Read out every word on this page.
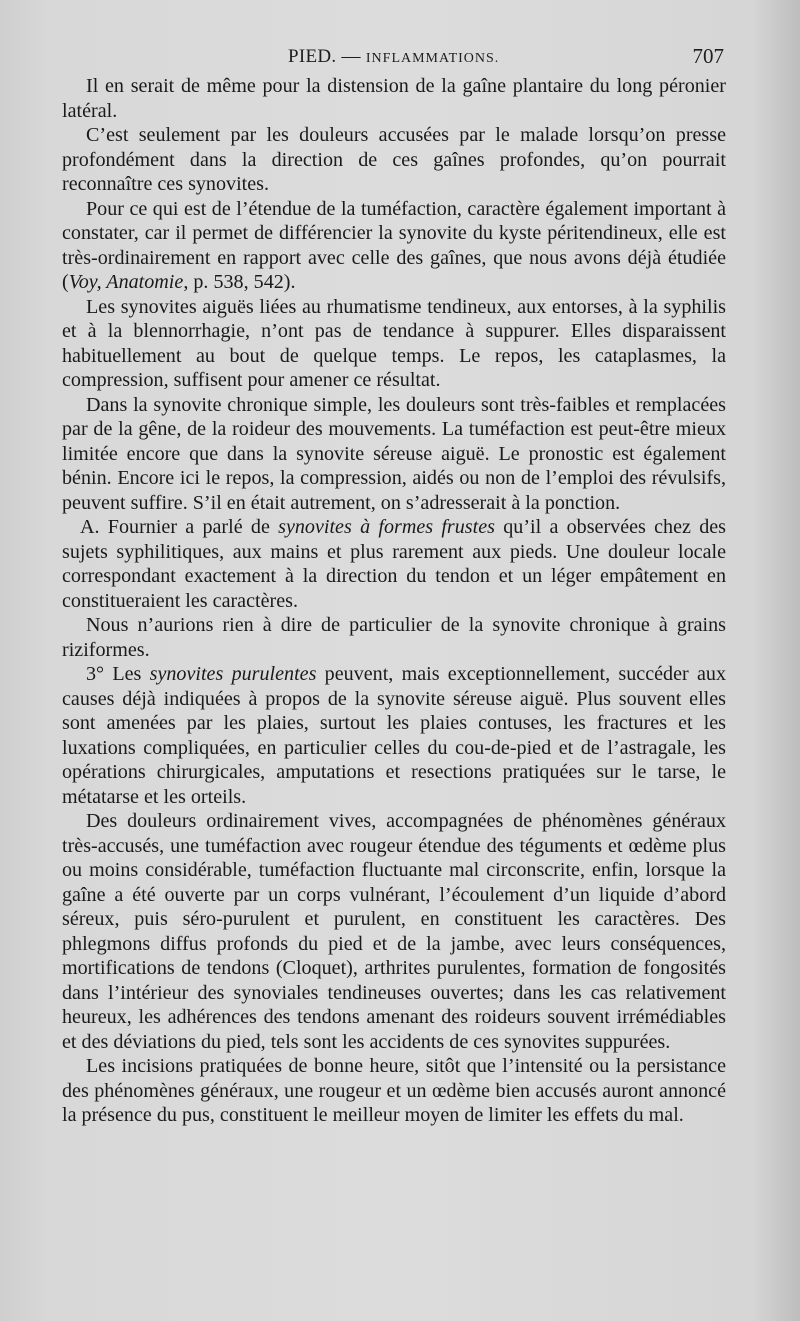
PIED. — INFLAMMATIONS.	707

Il en serait de même pour la distension de la gaîne plantaire du long péronier latéral.

C’est seulement par les douleurs accusées par le malade lorsqu’on presse profondément dans la direction de ces gaînes profondes, qu’on pourrait reconnaître ces synovites.

Pour ce qui est de l’étendue de la tuméfaction, caractère également important à constater, car il permet de différencier la synovite du kyste péritendineux, elle est très-ordinairement en rapport avec celle des gaînes, que nous avons déjà étudiée (Voy, Anatomie, p. 538, 542).

Les synovites aiguës liées au rhumatisme tendineux, aux entorses, à la syphilis et à la blennorrhagie, n’ont pas de tendance à suppurer. Elles disparaissent habituellement au bout de quelque temps. Le repos, les cataplasmes, la compression, suffisent pour amener ce résultat.

Dans la synovite chronique simple, les douleurs sont très-faibles et remplacées par de la gêne, de la roideur des mouvements. La tuméfaction est peut-être mieux limitée encore que dans la synovite séreuse aiguë. Le pronostic est également bénin. Encore ici le repos, la compression, aidés ou non de l’emploi des révulsifs, peuvent suffire. S’il en était autrement, on s’adresserait à la ponction.

A. Fournier a parlé de synovites à formes frustes qu’il a observées chez des sujets syphilitiques, aux mains et plus rarement aux pieds. Une douleur locale correspondant exactement à la direction du tendon et un léger empâtement en constitueraient les caractères.

Nous n’aurions rien à dire de particulier de la synovite chronique à grains riziformes.

3° Les synovites purulentes peuvent, mais exceptionnellement, succéder aux causes déjà indiquées à propos de la synovite séreuse aiguë. Plus souvent elles sont amenées par les plaies, surtout les plaies contuses, les fractures et les luxations compliquées, en particulier celles du cou-de-pied et de l’astragale, les opérations chirurgicales, amputations et resections pratiquées sur le tarse, le métatarse et les orteils.

Des douleurs ordinairement vives, accompagnées de phénomènes généraux très-accusés, une tuméfaction avec rougeur étendue des téguments et œdème plus ou moins considérable, tuméfaction fluctuante mal circonscrite, enfin, lorsque la gaîne a été ouverte par un corps vulnérant, l’écoulement d’un liquide d’abord séreux, puis séro-purulent et purulent, en constituent les caractères. Des phlegmons diffus profonds du pied et de la jambe, avec leurs conséquences, mortifications de tendons (Cloquet), arthrites purulentes, formation de fongosités dans l’intérieur des synoviales tendineuses ouvertes; dans les cas relativement heureux, les adhérences des tendons amenant des roideurs souvent irrémédiables et des déviations du pied, tels sont les accidents de ces synovites suppurées.

Les incisions pratiquées de bonne heure, sitôt que l’intensité ou la persistance des phénomènes généraux, une rougeur et un œdème bien accusés auront annoncé la présence du pus, constituent le meilleur moyen de limiter les effets du mal.
